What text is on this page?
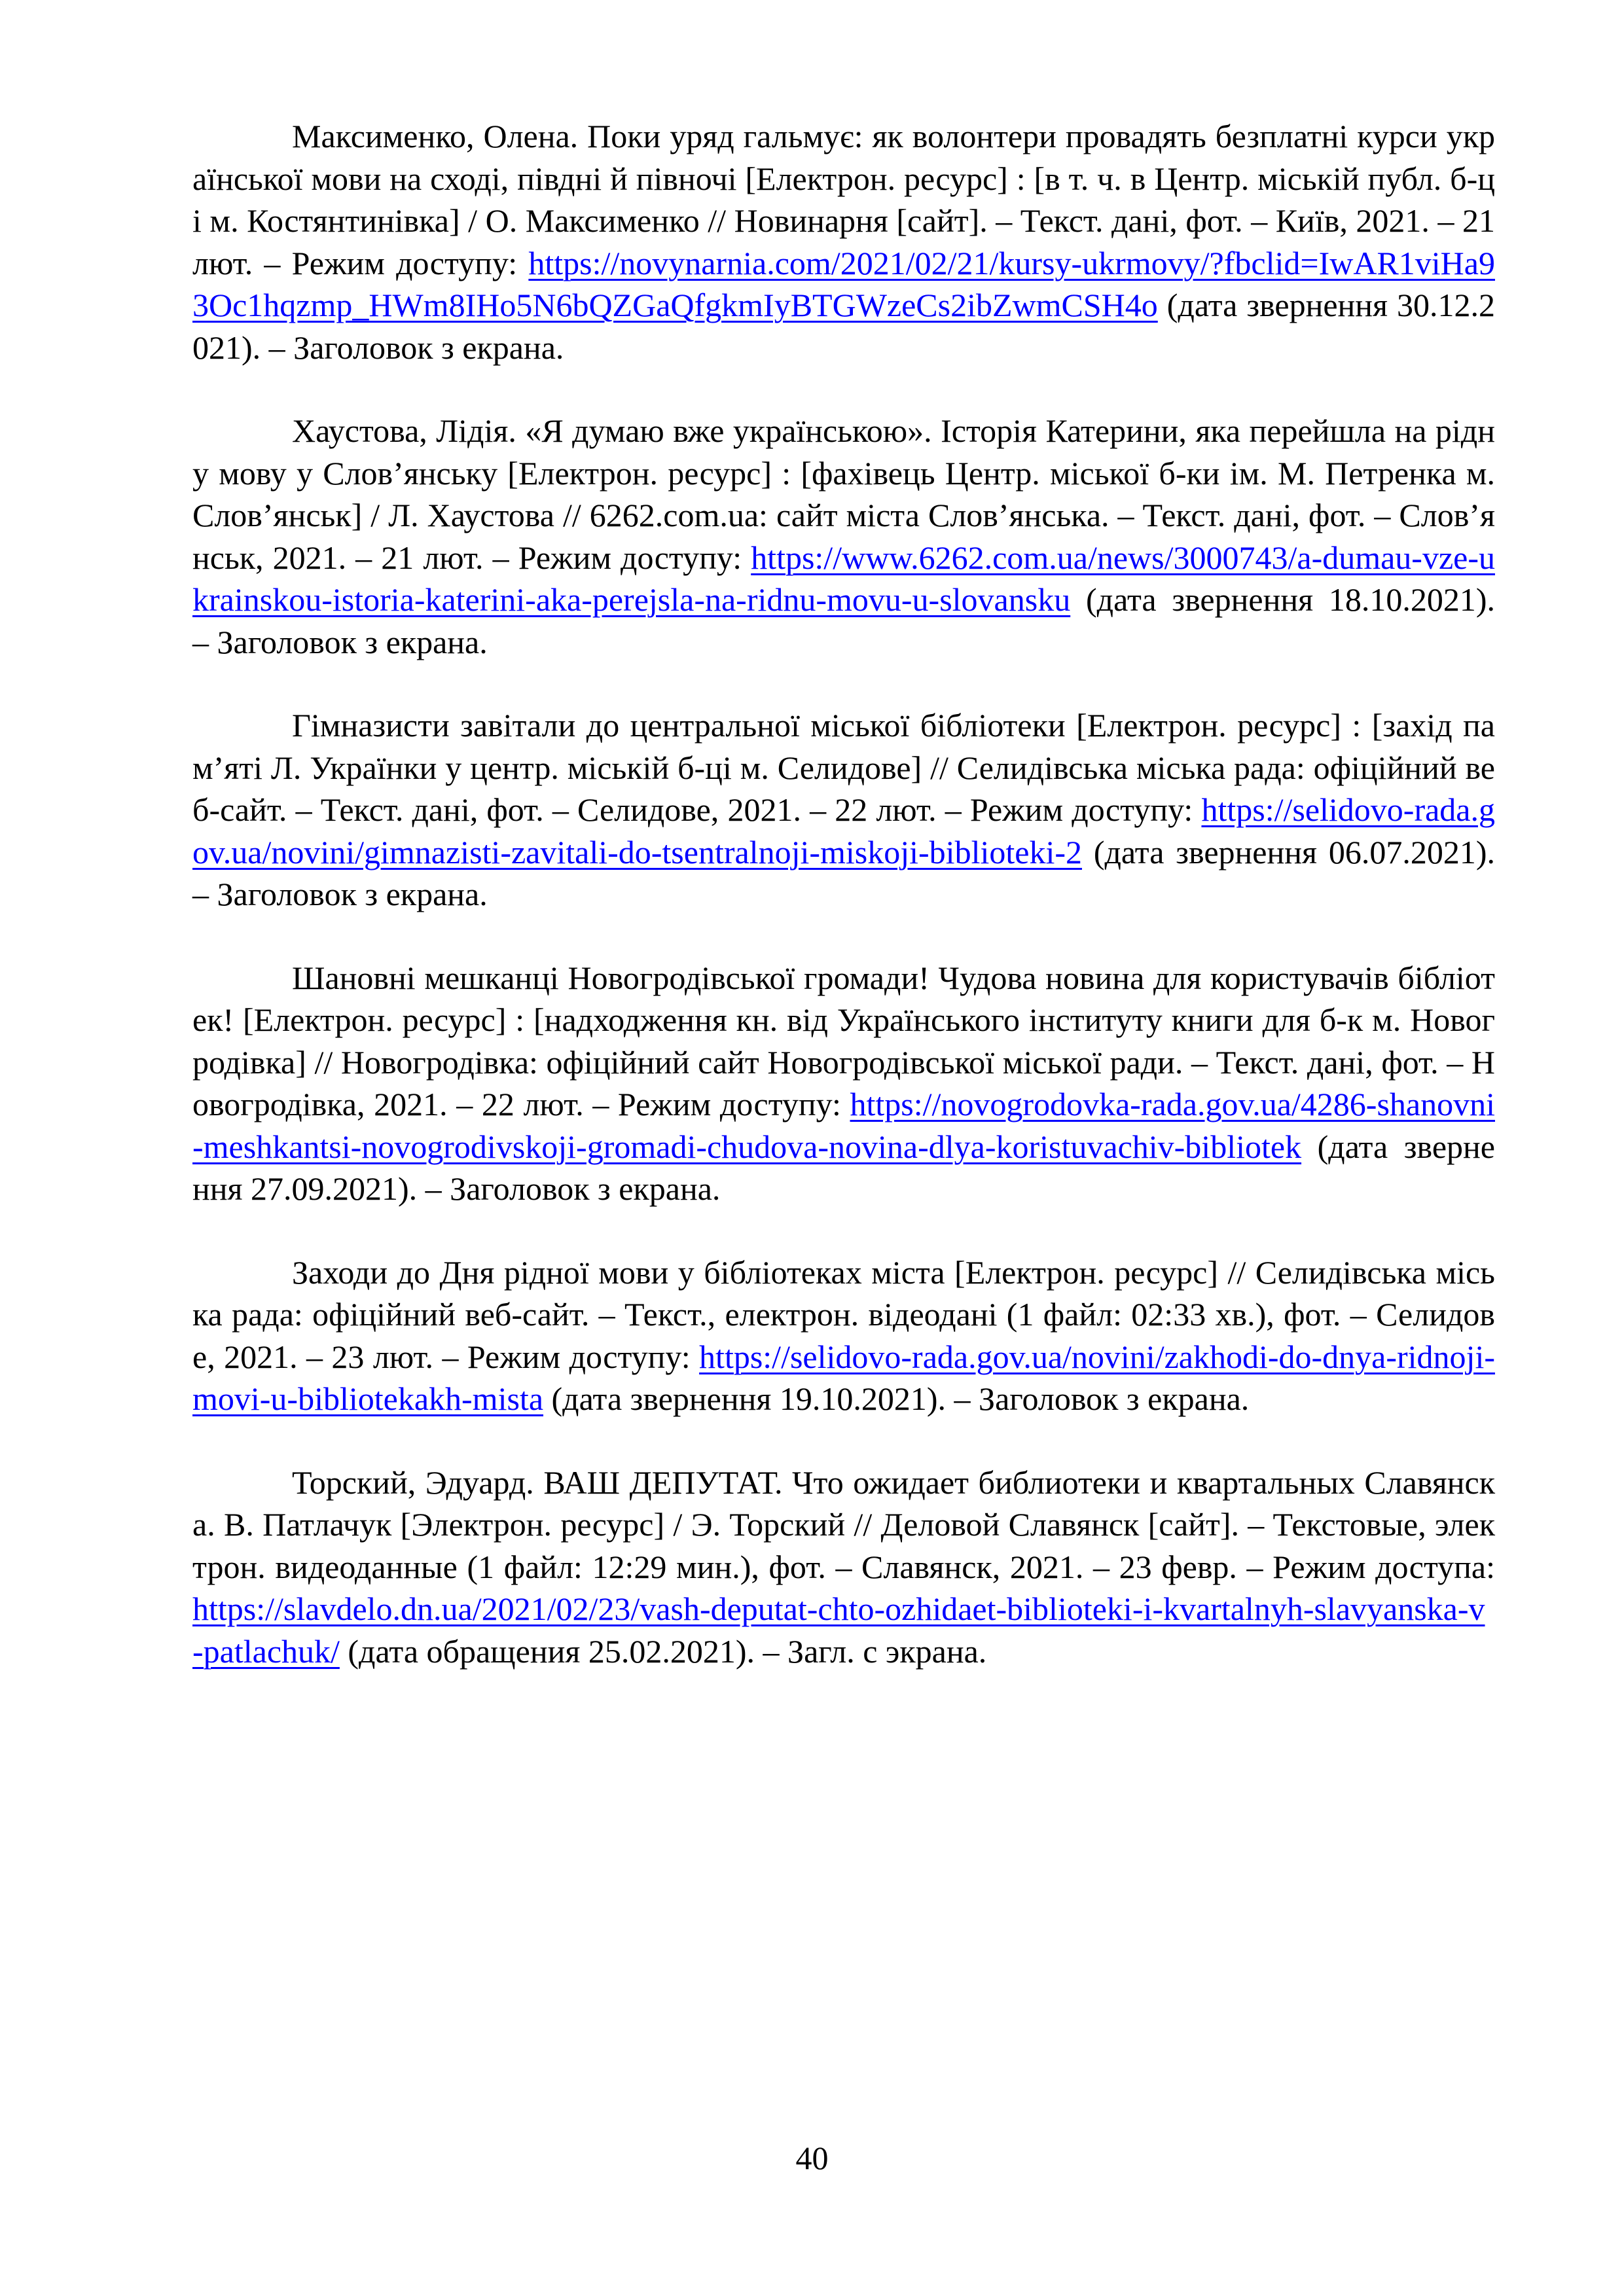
Максименко, Олена. Поки уряд гальмує: як волонтери провадять безплатні курси української мови на сході, півдні й півночі [Електрон. ресурс] : [в т. ч. в Центр. міській публ. б-ці м. Костянтинівка] / О. Максименко // Новинарня [сайт]. – Текст. дані, фот. – Київ, 2021. – 21 лют. – Режим доступу: https://novynarnia.com/2021/02/21/kursy-ukrmovy/?fbclid=IwAR1viHa93Oc1hqzmp_HWm8IHo5N6bQZGaQfgkmIyBTGWzeCs2ibZwmCSH4o (дата звернення 30.12.2021). – Заголовок з екрана.

Хаустова, Лідія. «Я думаю вже українською». Історія Катерини, яка перейшла на рідну мову у Слов’янську [Електрон. ресурс] : [фахівець Центр. міської б-ки ім. М. Петренка м. Слов’янськ] / Л. Хаустова // 6262.com.ua: сайт міста Слов’янська. – Текст. дані, фот. – Слов’янськ, 2021. – 21 лют. – Режим доступу: https://www.6262.com.ua/news/3000743/a-dumau-vze-ukrainskou-istoria-katerini-aka-perejsla-na-ridnu-movu-u-slovansku (дата звернення 18.10.2021). – Заголовок з екрана.

Гімназисти завітали до центральної міської бібліотеки [Електрон. ресурс] : [захід пам’яті Л. Українки у центр. міській б-ці м. Селидове] // Селидівська міська рада: офіційний веб-сайт. – Текст. дані, фот. – Селидове, 2021. – 22 лют. – Режим доступу: https://selidovo-rada.gov.ua/novini/gimnazisti-zavitali-do-tsentralnoji-miskoji-biblioteki-2 (дата звернення 06.07.2021). – Заголовок з екрана.

Шановні мешканці Новогродівської громади! Чудова новина для користувачів бібліотек! [Електрон. ресурс] : [надходження кн. від Українського інституту книги для б-к м. Новогродівка] // Новогродівка: офіційний сайт Новогродівської міської ради. – Текст. дані, фот. – Новогродівка, 2021. – 22 лют. – Режим доступу: https://novogrodovka-rada.gov.ua/4286-shanovni-meshkantsi-novogrodivskoji-gromadi-chudova-novina-dlya-koristuvachiv-bibliotek (дата звернення 27.09.2021). – Заголовок з екрана.

Заходи до Дня рідної мови у бібліотеках міста [Електрон. ресурс] // Селидівська міська рада: офіційний веб-сайт. – Текст., електрон. відеодані (1 файл: 02:33 хв.), фот. – Селидове, 2021. – 23 лют. – Режим доступу: https://selidovo-rada.gov.ua/novini/zakhodi-do-dnya-ridnoji-movi-u-bibliotekakh-mista (дата звернення 19.10.2021). – Заголовок з екрана.

Торский, Эдуард. ВАШ ДЕПУТАТ. Что ожидает библиотеки и квартальных Славянска. В. Патлачук [Электрон. ресурс] / Э. Торский // Деловой Славянск [сайт]. – Текстовые, электрон. видеоданные (1 файл: 12:29 мин.), фот. – Славянск, 2021. – 23 февр. – Режим доступа: https://slavdelo.dn.ua/2021/02/23/vash-deputat-chto-ozhidaet-biblioteki-i-kvartalnyh-slavyanska-v-patlachuk/ (дата обращения 25.02.2021). – Загл. с экрана.

40
